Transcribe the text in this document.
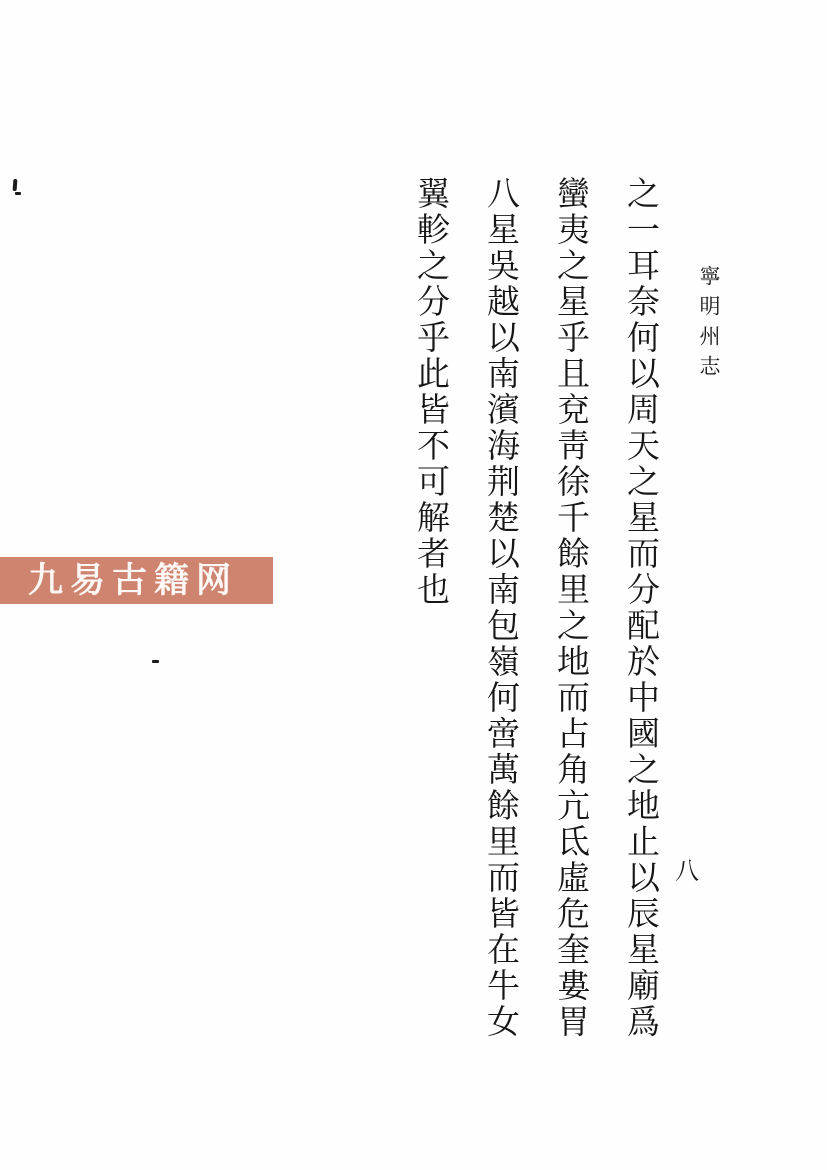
寧明州志
之一耳奈何以周天之星而分配於中國之地止以辰星廟爲
蠻夷之星乎且兗靑徐千餘里之地而占角亢氐虛危奎婁胃
八星吳越以南濱海荆楚以南包嶺何啻萬餘里而皆在牛女
翼軫之分乎此皆不可解者也
八
九易古籍网
